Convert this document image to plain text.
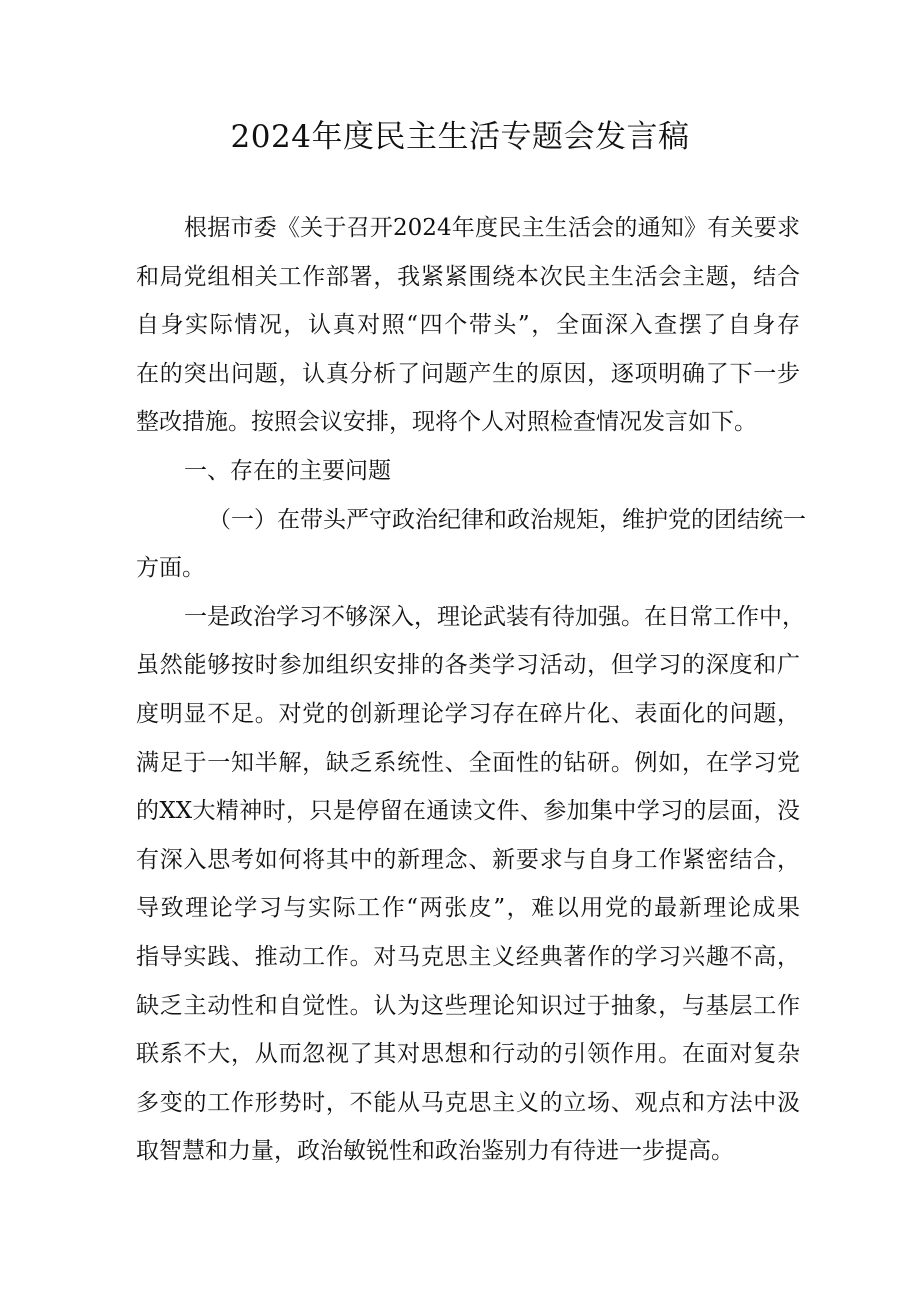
2024年度民主生活专题会发言稿
根据市委《关于召开2024年度民主生活会的通知》有关要求
和局党组相关工作部署，我紧紧围绕本次民主生活会主题，结合
自身实际情况，认真对照“四个带头”，全面深入查摆了自身存
在的突出问题，认真分析了问题产生的原因，逐项明确了下一步
整改措施。按照会议安排，现将个人对照检查情况发言如下。
一、存在的主要问题
（一）在带头严守政治纪律和政治规矩，维护党的团结统一
方面。
一是政治学习不够深入，理论武装有待加强。在日常工作中，
虽然能够按时参加组织安排的各类学习活动，但学习的深度和广
度明显不足。对党的创新理论学习存在碎片化、表面化的问题，
满足于一知半解，缺乏系统性、全面性的钻研。例如，在学习党
的XX大精神时，只是停留在通读文件、参加集中学习的层面，没
有深入思考如何将其中的新理念、新要求与自身工作紧密结合，
导致理论学习与实际工作“两张皮”，难以用党的最新理论成果
指导实践、推动工作。对马克思主义经典著作的学习兴趣不高，
缺乏主动性和自觉性。认为这些理论知识过于抽象，与基层工作
联系不大，从而忽视了其对思想和行动的引领作用。在面对复杂
多变的工作形势时，不能从马克思主义的立场、观点和方法中汲
取智慧和力量，政治敏锐性和政治鉴别力有待进一步提高。
